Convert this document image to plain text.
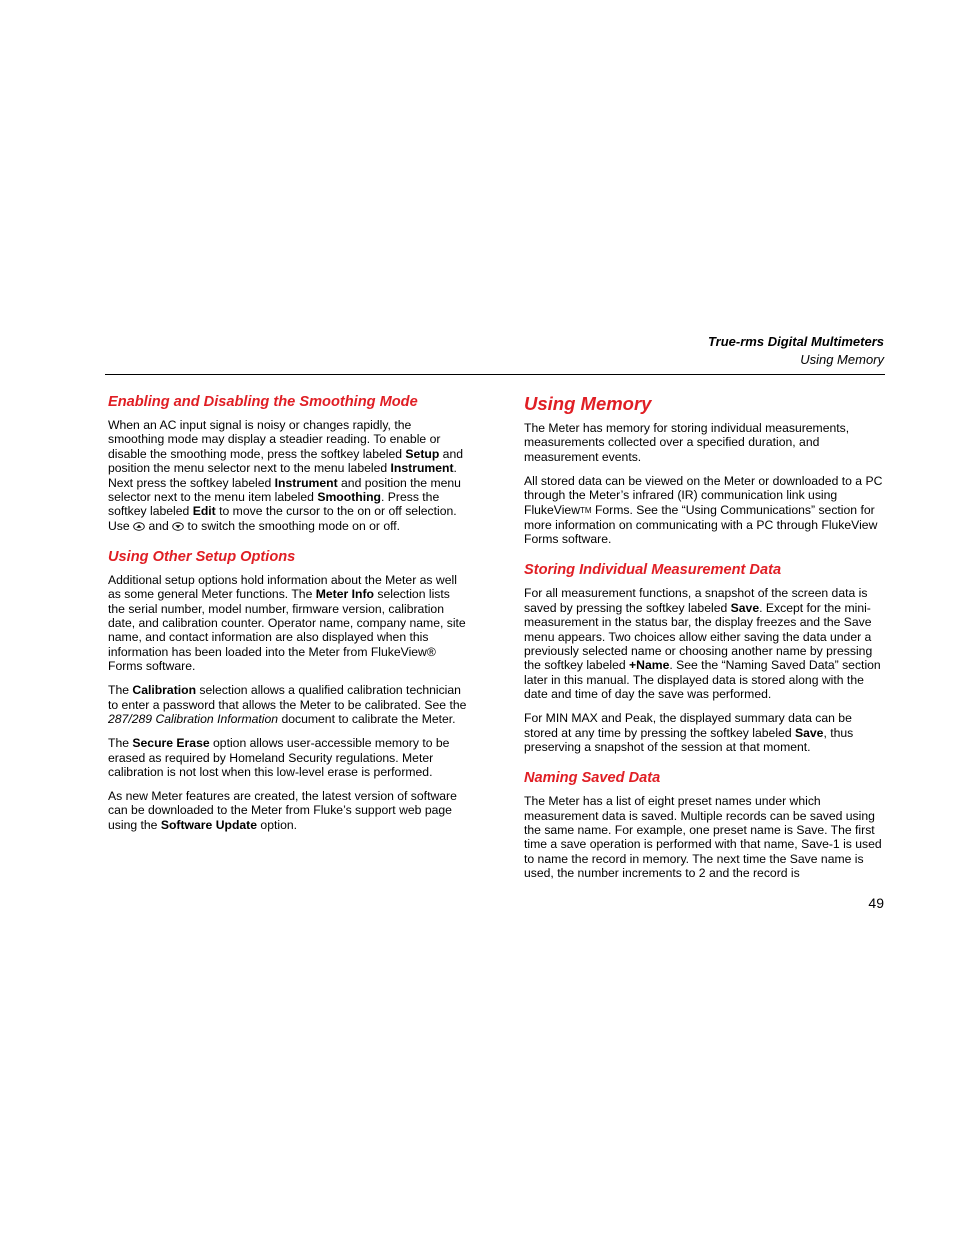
True-rms Digital Multimeters
Using Memory
Enabling and Disabling the Smoothing Mode

When an AC input signal is noisy or changes rapidly, the smoothing mode may display a steadier reading. To enable or disable the smoothing mode, press the softkey labeled Setup and position the menu selector next to the menu labeled Instrument. Next press the softkey labeled Instrument and position the menu selector next to the menu item labeled Smoothing. Press the softkey labeled Edit to move the cursor to the on or off selection. Use  and  to switch the smoothing mode on or off.

Using Other Setup Options

Additional setup options hold information about the Meter as well as some general Meter functions. The Meter Info selection lists the serial number, model number, firmware version, calibration date, and calibration counter. Operator name, company name, site name, and contact information are also displayed when this information has been loaded into the Meter from FlukeView® Forms software.

The Calibration selection allows a qualified calibration technician to enter a password that allows the Meter to be calibrated. See the 287/289 Calibration Information document to calibrate the Meter.

The Secure Erase option allows user-accessible memory to be erased as required by Homeland Security regulations. Meter calibration is not lost when this low-level erase is performed.

As new Meter features are created, the latest version of software can be downloaded to the Meter from Fluke’s support web page using the Software Update option.

Using Memory

The Meter has memory for storing individual measurements, measurements collected over a specified duration, and measurement events.

All stored data can be viewed on the Meter or downloaded to a PC through the Meter’s infrared (IR) communication link using FlukeViewTM Forms. See the “Using Communications” section for more information on communicating with a PC through FlukeView Forms software.

Storing Individual Measurement Data

For all measurement functions, a snapshot of the screen data is saved by pressing the softkey labeled Save. Except for the mini-measurement in the status bar, the display freezes and the Save menu appears. Two choices allow either saving the data under a previously selected name or choosing another name by pressing the softkey labeled +Name. See the “Naming Saved Data” section later in this manual. The displayed data is stored along with the date and time of day the save was performed.

For MIN MAX and Peak, the displayed summary data can be stored at any time by pressing the softkey labeled Save, thus preserving a snapshot of the session at that moment.

Naming Saved Data

The Meter has a list of eight preset names under which measurement data is saved. Multiple records can be saved using the same name. For example, one preset name is Save. The first time a save operation is performed with that name, Save-1 is used to name the record in memory. The next time the Save name is used, the number increments to 2 and the record is

49
